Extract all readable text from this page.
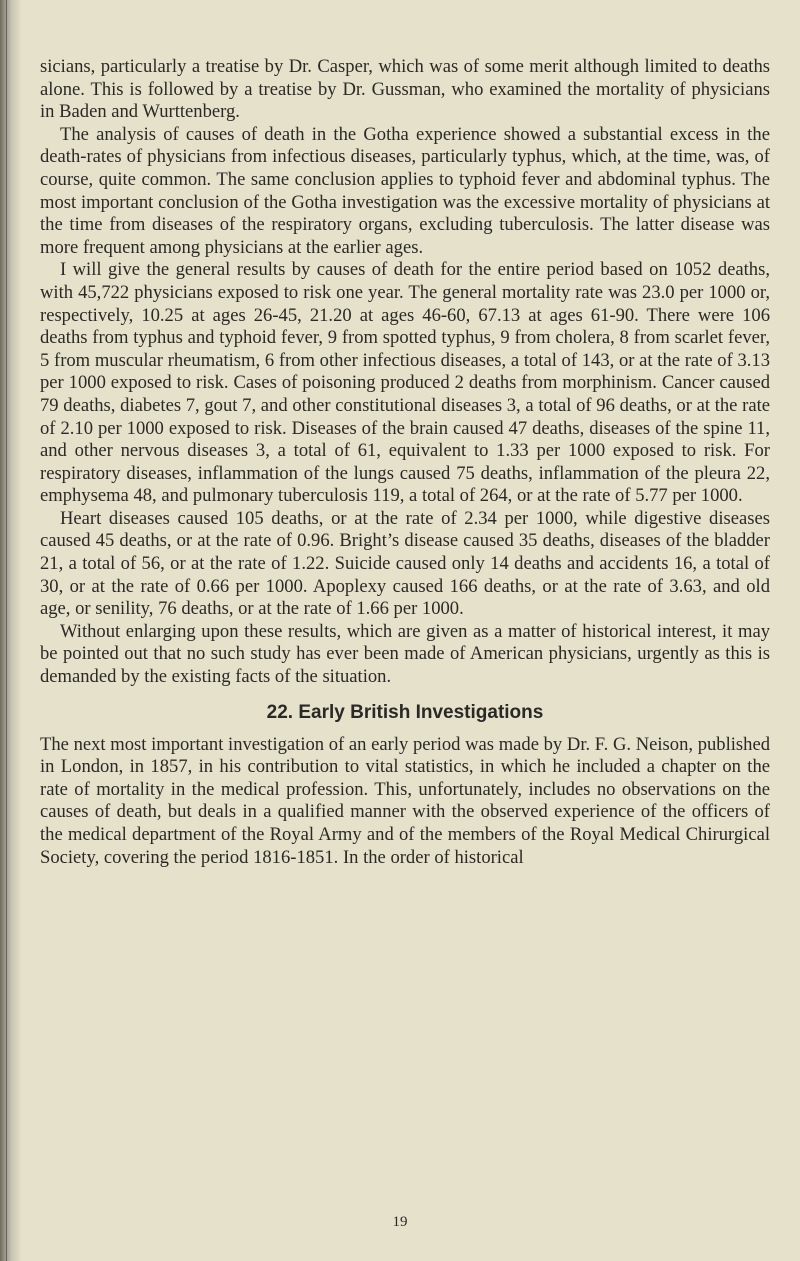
sicians, particularly a treatise by Dr. Casper, which was of some merit although limited to deaths alone. This is followed by a treatise by Dr. Gussman, who examined the mortality of physicians in Baden and Wurttenberg.

The analysis of causes of death in the Gotha experience showed a substantial excess in the death-rates of physicians from infectious diseases, particularly typhus, which, at the time, was, of course, quite common. The same conclusion applies to typhoid fever and abdominal typhus. The most important conclusion of the Gotha investigation was the excessive mortality of physicians at the time from diseases of the respiratory organs, excluding tuberculosis. The latter disease was more frequent among physicians at the earlier ages.

I will give the general results by causes of death for the entire period based on 1052 deaths, with 45,722 physicians exposed to risk one year. The general mortality rate was 23.0 per 1000 or, respectively, 10.25 at ages 26-45, 21.20 at ages 46-60, 67.13 at ages 61-90. There were 106 deaths from typhus and typhoid fever, 9 from spotted typhus, 9 from cholera, 8 from scarlet fever, 5 from muscular rheumatism, 6 from other infectious diseases, a total of 143, or at the rate of 3.13 per 1000 exposed to risk. Cases of poisoning produced 2 deaths from morphinism. Cancer caused 79 deaths, diabetes 7, gout 7, and other constitutional diseases 3, a total of 96 deaths, or at the rate of 2.10 per 1000 exposed to risk. Diseases of the brain caused 47 deaths, diseases of the spine 11, and other nervous diseases 3, a total of 61, equivalent to 1.33 per 1000 exposed to risk. For respiratory diseases, inflammation of the lungs caused 75 deaths, inflammation of the pleura 22, emphysema 48, and pulmonary tuberculosis 119, a total of 264, or at the rate of 5.77 per 1000.

Heart diseases caused 105 deaths, or at the rate of 2.34 per 1000, while digestive diseases caused 45 deaths, or at the rate of 0.96. Bright’s disease caused 35 deaths, diseases of the bladder 21, a total of 56, or at the rate of 1.22. Suicide caused only 14 deaths and accidents 16, a total of 30, or at the rate of 0.66 per 1000. Apoplexy caused 166 deaths, or at the rate of 3.63, and old age, or senility, 76 deaths, or at the rate of 1.66 per 1000.

Without enlarging upon these results, which are given as a matter of historical interest, it may be pointed out that no such study has ever been made of American physicians, urgently as this is demanded by the existing facts of the situation.

22. Early British Investigations

The next most important investigation of an early period was made by Dr. F. G. Neison, published in London, in 1857, in his contribution to vital statistics, in which he included a chapter on the rate of mortality in the medical profession. This, unfortunately, includes no observations on the causes of death, but deals in a qualified manner with the observed experience of the officers of the medical department of the Royal Army and of the members of the Royal Medical Chirurgical Society, covering the period 1816-1851. In the order of historical

19
